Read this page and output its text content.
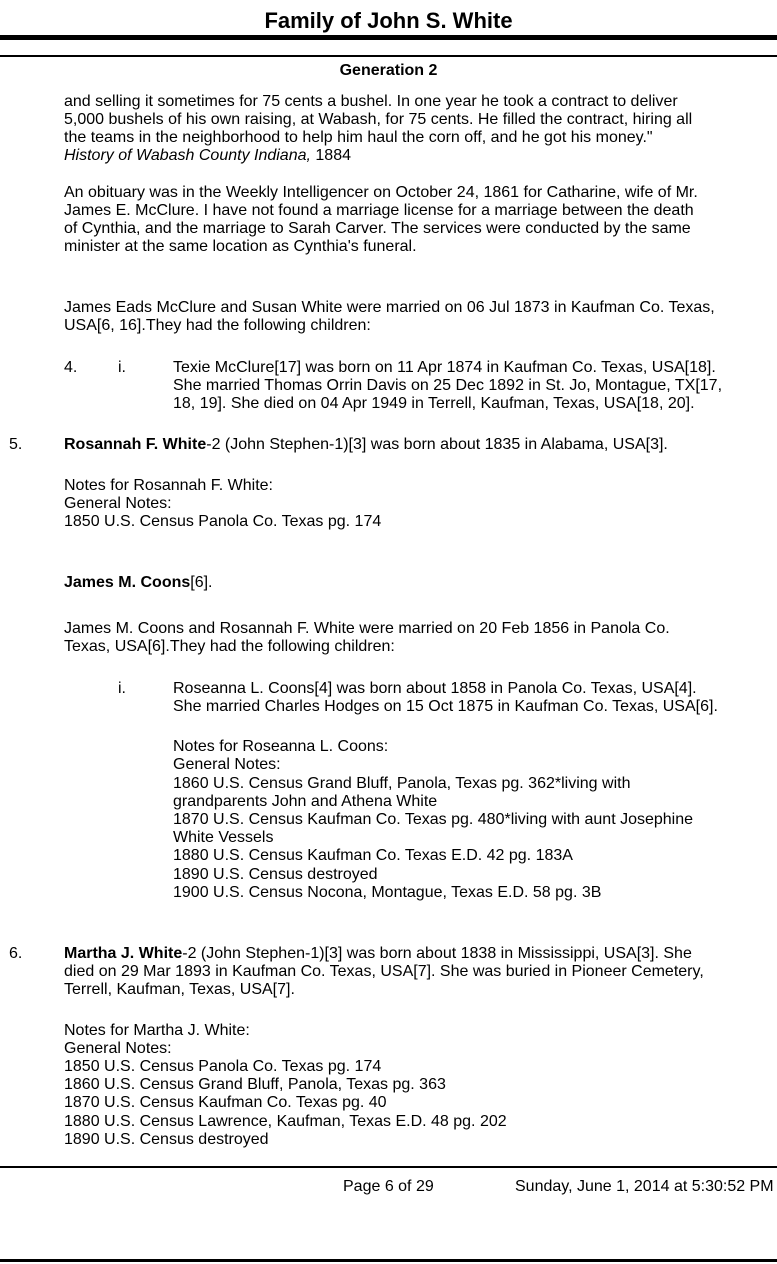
Family of John S. White
Generation 2
and selling it sometimes for 75 cents a bushel. In one year he took a contract to deliver
5,000 bushels of his own raising, at Wabash, for 75 cents. He filled the contract, hiring all
the teams in the neighborhood to help him haul the corn off, and he got his money."
History of Wabash County Indiana, 1884
An obituary was in the Weekly Intelligencer on October 24, 1861 for Catharine, wife of Mr.
James E. McClure. I have not found a marriage license for a marriage between the death
of Cynthia, and the marriage to Sarah Carver. The services were conducted by the same
minister at the same location as Cynthia's funeral.
James Eads McClure and Susan White were married on 06 Jul 1873 in Kaufman Co. Texas,
USA[6, 16].They had the following children:
4.	i.	Texie McClure[17] was born on 11 Apr 1874 in Kaufman Co. Texas, USA[18].
She married Thomas Orrin Davis on 25 Dec 1892 in St. Jo, Montague, TX[17,
18, 19]. She died on 04 Apr 1949 in Terrell, Kaufman, Texas, USA[18, 20].
5.	Rosannah F. White-2 (John Stephen-1)[3] was born about 1835 in Alabama, USA[3].
Notes for Rosannah F. White:
General Notes:
1850 U.S. Census Panola Co. Texas pg. 174
James M. Coons[6].
James M. Coons and Rosannah F. White were married on 20 Feb 1856 in Panola Co.
Texas, USA[6].They had the following children:
i.	Roseanna L. Coons[4] was born about 1858 in Panola Co. Texas, USA[4].
She married Charles Hodges on 15 Oct 1875 in Kaufman Co. Texas, USA[6].
Notes for Roseanna L. Coons:
General Notes:
1860 U.S. Census Grand Bluff, Panola, Texas pg. 362*living with
grandparents John and Athena White
1870 U.S. Census Kaufman Co. Texas pg. 480*living with aunt Josephine
White Vessels
1880 U.S. Census Kaufman Co. Texas E.D. 42 pg. 183A
1890 U.S. Census destroyed
1900 U.S. Census Nocona, Montague, Texas E.D. 58 pg. 3B
6.	Martha J. White-2 (John Stephen-1)[3] was born about 1838 in Mississippi, USA[3]. She
died on 29 Mar 1893 in Kaufman Co. Texas, USA[7]. She was buried in Pioneer Cemetery,
Terrell, Kaufman, Texas, USA[7].
Notes for Martha J. White:
General Notes:
1850 U.S. Census Panola Co. Texas pg. 174
1860 U.S. Census Grand Bluff, Panola, Texas pg. 363
1870 U.S. Census Kaufman Co. Texas pg. 40
1880 U.S. Census Lawrence, Kaufman, Texas E.D. 48 pg. 202
1890 U.S. Census destroyed
Page 6 of 29	Sunday, June 1, 2014 at 5:30:52 PM
